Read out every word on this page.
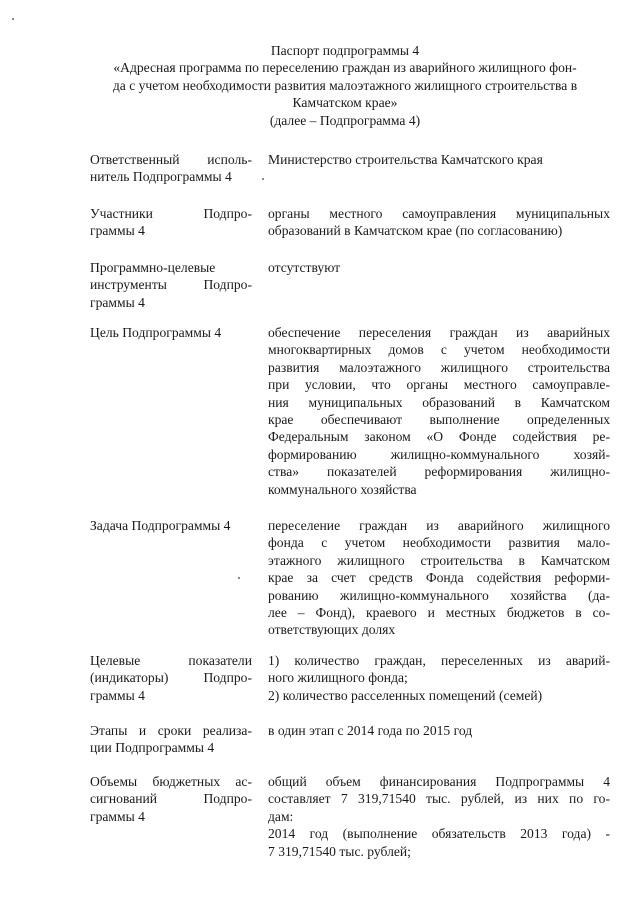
Паспорт подпрограммы 4
«Адресная программа по переселению граждан из аварийного жилищного фон-
да с учетом необходимости развития малоэтажного жилищного строительства в
Камчатском крае»
(далее – Подпрограмма 4)
Ответственный исполь-
нитель Подпрограммы 4
Министерство строительства Камчатского края
Участники Подпро-
граммы 4
органы местного самоуправления муниципальных
образований в Камчатском крае (по согласованию)
Программно-целевые
инструменты Подпро-
граммы 4
отсутствуют
Цель Подпрограммы 4	обеспечение переселения граждан из аварийных
многоквартирных домов с учетом необходимости
развития малоэтажного жилищного строительства
при условии, что органы местного самоуправле-
ния муниципальных образований в Камчатском
крае обеспечивают выполнение определенных
Федеральным законом «О Фонде содействия ре-
формированию жилищно-коммунального хозяй-
ства» показателей реформирования жилищно-
коммунального хозяйства
Задача Подпрограммы 4	переселение граждан из аварийного жилищного
фонда с учетом необходимости развития мало-
этажного жилищного строительства в Камчатском
крае за счет средств Фонда содействия реформи-
рованию жилищно-коммунального хозяйства (да-
лее – Фонд), краевого и местных бюджетов в со-
ответствующих долях
Целевые показатели
(индикаторы) Подпро-
граммы 4
1) количество граждан, переселенных из аварий-
ного жилищного фонда;
2) количество расселенных помещений (семей)
Этапы и сроки реализа-
ции Подпрограммы 4
в один этап с 2014 года по 2015 год
Объемы бюджетных ас-
сигнований Подпро-
граммы 4
общий объем финансирования Подпрограммы 4
составляет 7 319,71540 тыс. рублей, из них по го-
дам:
2014 год (выполнение обязательств 2013 года) -
7 319,71540 тыс. рублей;
